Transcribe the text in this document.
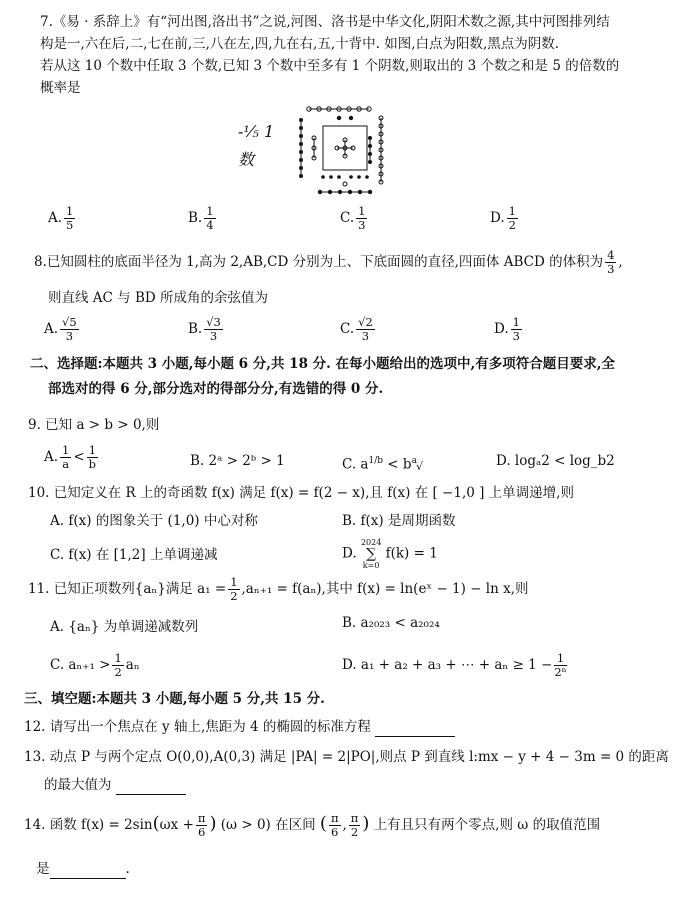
7.《易 · 系辞上》有“河出图,洛出书”之说,河图、洛书是中华文化,阴阳术数之源,其中河图排列结
构是一,六在后,二,七在前,三,八在左,四,九在右,五,十背中. 如图,白点为阳数,黑点为阴数.
若从这 10 个数中任取 3 个数,已知 3 个数中至多有 1 个阴数,则取出的 3 个数之和是 5 的倍数的
概率是
-⅕ 1数
A. $\frac{1}{5}$	B. $\frac{1}{4}$	C. $\frac{1}{3}$	D. $\frac{1}{2}$
8.已知圆柱的底面半径为 1,高为 2,AB,CD 分别为上、下底面圆的直径,四面体 ABCD 的体积为 $\frac{4}{3}$ ,
则直线 AC 与 BD 所成角的余弦值为
A. $\frac{√5}{3}$	B. $\frac{√3}{3}$	C. $\frac{√2}{3}$	D. $\frac{1}{3}$
二、选择题:本题共 3 小题,每小题 6 分,共 18 分. 在每小题给出的选项中,有多项符合题目要求,全
部选对的得 6 分,部分选对的得部分分,有选错的得 0 分.
9. 已知 a > b > 0,则
A. $\frac{1}{a} < \frac{1}{b}$	B. 2ᵃ > 2ᵇ > 1	C. $a^{1/b} < b^a$ √	D. logₐ2 < log_b2
10. 已知定义在 R 上的奇函数 f(x) 满足 f(x) = f(2 − x),且 f(x) 在 [ −1,0 ] 上单调递增,则
A. f(x) 的图象关于 (1,0) 中心对称	B. f(x) 是周期函数
C. f(x) 在 [1,2] 上单调递减	D.
2024
∑
k=0
f(k) = 1
11. 已知正项数列{aₙ}满足 $a_1 = \frac{1}{2} ,a_{n+1} = f(a_n)$,其中 f(x) = ln(eˣ − 1) − ln x,则
A. {aₙ} 为单调递减数列	B. a₂₀₂₃ < a₂₀₂₄
C. $a_{n+1} > \frac{1}{2}$ aₙ	D. a₁ + a₂ + a₃ + ⋯ + $a_n \ge 1 - \frac{1}{\text{2ⁿ}}$
三、填空题:本题共 3 小题,每小题 5 分,共 15 分.
12. 请写出一个焦点在 y 轴上,焦距为 4 的椭圆的标准方程
13. 动点 P 与两个定点 O(0,0),A(0,3) 满足 |PA| = 2|PO|,则点 P 到直线 l:mx − y + 4 − 3m = 0 的距离
的最大值为
14. 函数 $f(x) = 2\sin(\omega x + \frac{\pi}{6}$ ) (ω > 0) 在区间 ( $\frac{\pi}{6}$ , $\frac{\pi}{2}$ ) 上有且只有两个零点,则 ω 的取值范围
是	.
